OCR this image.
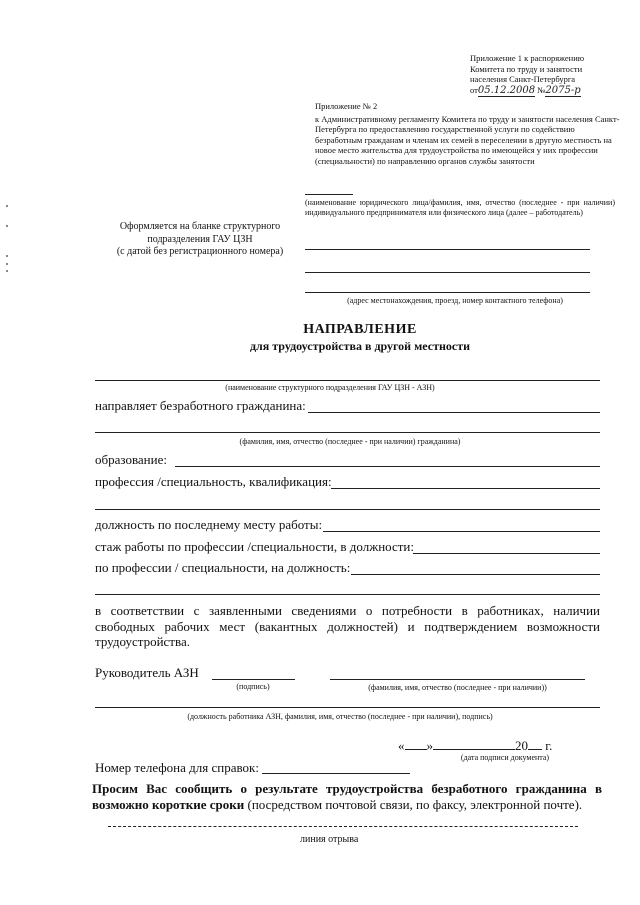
Приложение 1 к распоряжению
Комитета по труду и занятости
населения Санкт-Петербурга
от05.12.2008 №2075-р
Приложение № 2
к Административному регламенту Комитета по труду и занятости населения Санкт-Петербурга по предоставлению государственной услуги по содействию безработным гражданам и членам их семей в переселении в другую местность на новое место жительства для трудоустройства по имеющейся у них профессии (специальности) по направлению органов службы занятости
Оформляется на бланке структурного
подразделения ГАУ ЦЗН
(с датой без регистрационного номера)
(наименование юридического лица/фамилия, имя, отчество (последнее - при наличии) индивидуального предпринимателя или физического лица (далее – работодатель)
(адрес местонахождения, проезд, номер контактного телефона)
НАПРАВЛЕНИЕ
для трудоустройства в другой местности
(наименование структурного подразделения ГАУ ЦЗН - АЗН)
направляет безработного гражданина:
(фамилия, имя, отчество (последнее - при наличии) гражданина)
образование:
профессия /специальность, квалификация:
должность по последнему месту работы:
стаж работы по профессии /специальности, в должности:
по профессии / специальности, на должность:
в соответствии с заявленными сведениями о потребности в работниках, наличии свободных рабочих мест (вакантных должностей) и подтверждением возможности трудоустройства.
Руководитель АЗН
(подпись)	(фамилия, имя, отчество (последнее - при наличии))
(должность работника АЗН, фамилия, имя, отчество (последнее - при наличии), подпись)
« »	20 г.
(дата подписи документа)
Номер телефона для справок:
Просим Вас сообщить о результате трудоустройства безработного гражданина в возможно короткие сроки (посредством почтовой связи, по факсу, электронной почте).
линия отрыва
